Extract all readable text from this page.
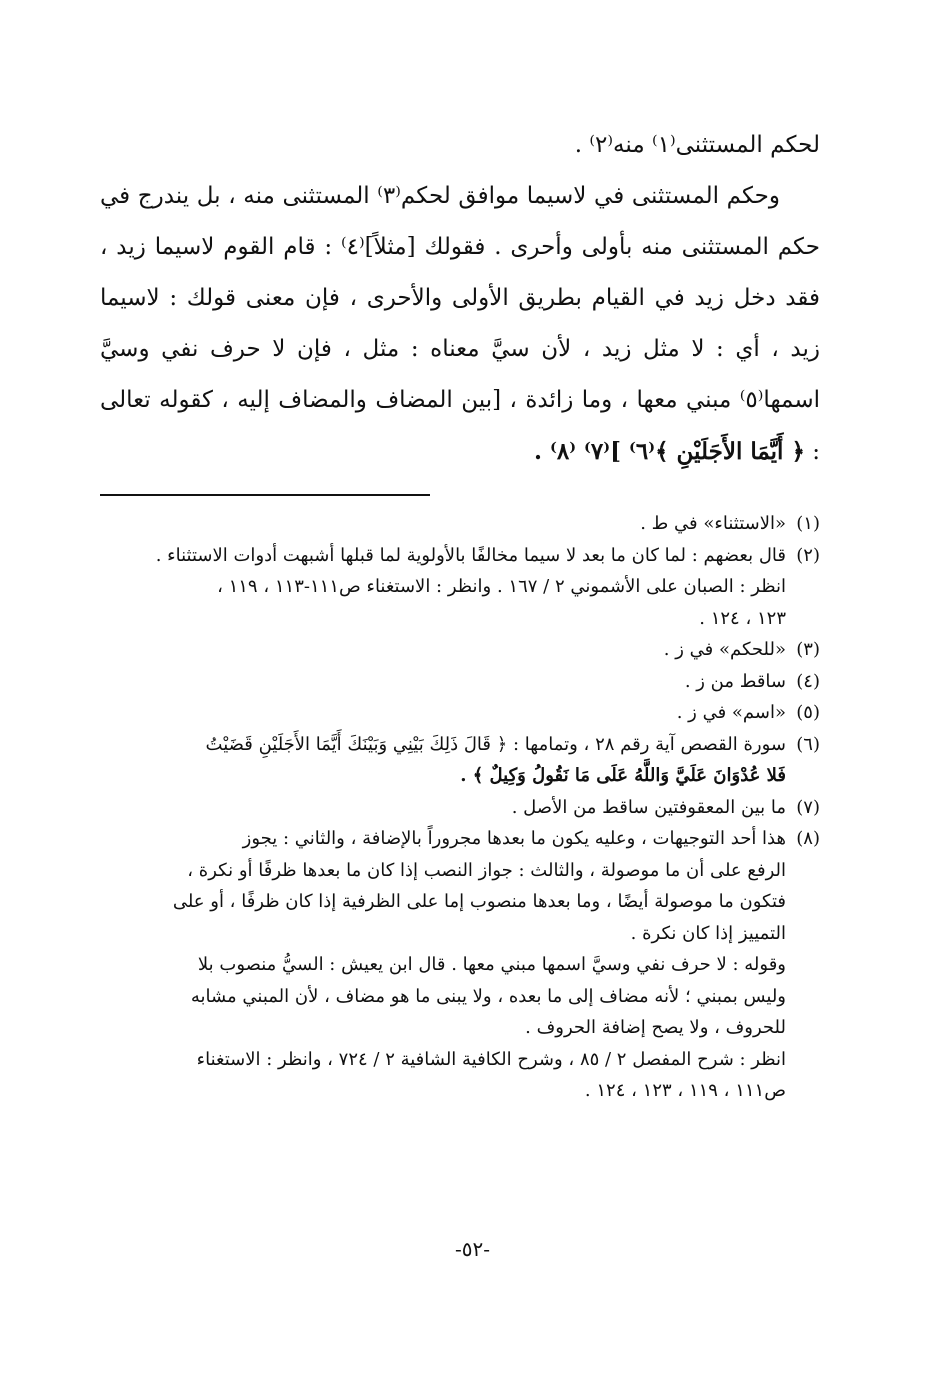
لحكم المستثنى⁽١⁾ منه⁽٢⁾ .

وحكم المستثنى في لاسيما موافق لحكم⁽٣⁾ المستثنى منه ، بل يندرج في حكم المستثنى منه بأولى وأحرى . فقولك [مثلاً]⁽٤⁾ : قام القوم لاسيما زيد ، فقد دخل زيد في القيام بطريق الأولى والأحرى ، فإن معنى قولك : لاسيما زيد ، أي : لا مثل زيد ، لأن سيَّ معناه : مثل ، فإن لا حرف نفي وسيَّ اسمها⁽٥⁾ مبني معها ، وما زائدة ، [بين المضاف والمضاف إليه ، كقوله تعالى : ﴿ أَيَّمَا الأَجَلَيْنِ ﴾⁽٦⁾ ]⁽٧⁾ ⁽٨⁾ .

(١)
«الاستثناء» في ط .
(٢)
قال بعضهم : لما كان ما بعد لا سيما مخالفًا بالأولوية لما قبلها أشبهت أدوات الاستثناء .
انظر : الصبان على الأشموني ٢ / ١٦٧ . وانظر : الاستغناء ص١١١-١١٣ ، ١١٩ ،
١٢٣ ، ١٢٤ .
(٣)
«للحكم» في ز .
(٤)
ساقط من ز .
(٥)
«اسم» في ز .
(٦)
سورة القصص آية رقم ٢٨ ، وتمامها : ﴿ قَالَ ذَلِكَ بَيْنِي وَبَيْنَكَ أَيَّمَا الأَجَلَيْنِ قَضَيْتُ
فَلا عُدْوَانَ عَلَيَّ وَاللَّهُ عَلَى مَا نَقُولُ وَكِيلٌ ﴾ .
(٧)
ما بين المعقوفتين ساقط من الأصل .
(٨)
هذا أحد التوجيهات ، وعليه يكون ما بعدها مجروراً بالإضافة ، والثاني : يجوز
الرفع على أن ما موصولة ، والثالث : جواز النصب إذا كان ما بعدها ظرفًا أو نكرة ،
فتكون ما موصولة أيضًا ، وما بعدها منصوب إما على الظرفية إذا كان ظرفًا ، أو على
التمييز إذا كان نكرة .
وقوله : لا حرف نفي وسيَّ اسمها مبني معها . قال ابن يعيش : السيُّ منصوب بلا
وليس بمبني ؛ لأنه مضاف إلى ما بعده ، ولا يبنى ما هو مضاف ، لأن المبني مشابه
للحروف ، ولا يصح إضافة الحروف .
انظر : شرح المفصل ٢ / ٨٥ ، وشرح الكافية الشافية ٢ / ٧٢٤ ، وانظر : الاستغناء
ص١١١ ، ١١٩ ، ١٢٣ ، ١٢٤ .
-٥٢-
